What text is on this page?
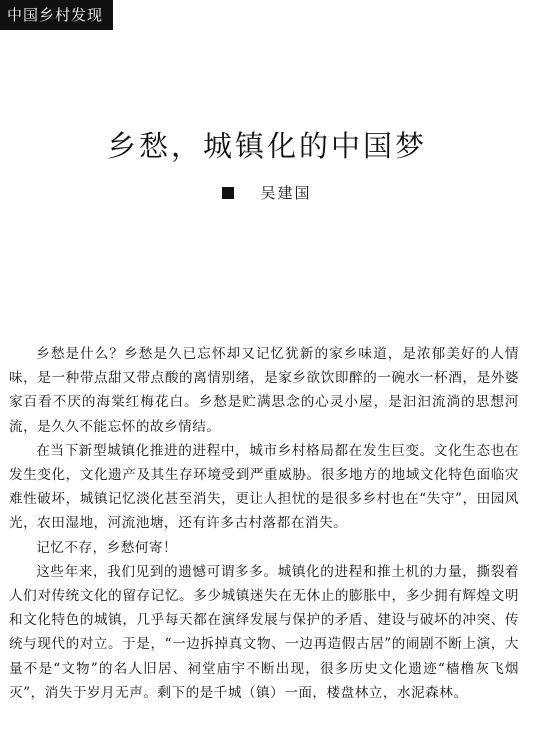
中国乡村发现
乡愁，城镇化的中国梦
吴建国

乡愁是什么？乡愁是久已忘怀却又记忆犹新的家乡味道，是浓郁美好的人情味，是一种带点甜又带点酸的离情别绪，是家乡欲饮即醉的一碗水一杯酒，是外婆家百看不厌的海棠红梅花白。乡愁是贮满思念的心灵小屋，是汩汩流淌的思想河流，是久久不能忘怀的故乡情结。

在当下新型城镇化推进的进程中，城市乡村格局都在发生巨变。文化生态也在发生变化，文化遗产及其生存环境受到严重威胁。很多地方的地域文化特色面临灾难性破坏，城镇记忆淡化甚至消失，更让人担忧的是很多乡村也在“失守”，田园风光，农田湿地，河流池塘，还有许多古村落都在消失。

记忆不存，乡愁何寄！

这些年来，我们见到的遗憾可谓多多。城镇化的进程和推土机的力量，撕裂着人们对传统文化的留存记忆。多少城镇迷失在无休止的膨胀中，多少拥有辉煌文明和文化特色的城镇，几乎每天都在演绎发展与保护的矛盾、建设与破坏的冲突、传统与现代的对立。于是，“一边拆掉真文物、一边再造假古居”的闹剧不断上演，大量不是“文物”的名人旧居、祠堂庙宇不断出现，很多历史文化遗迹“樯橹灰飞烟灭”，消失于岁月无声。剩下的是千城（镇）一面，楼盘林立，水泥森林。
